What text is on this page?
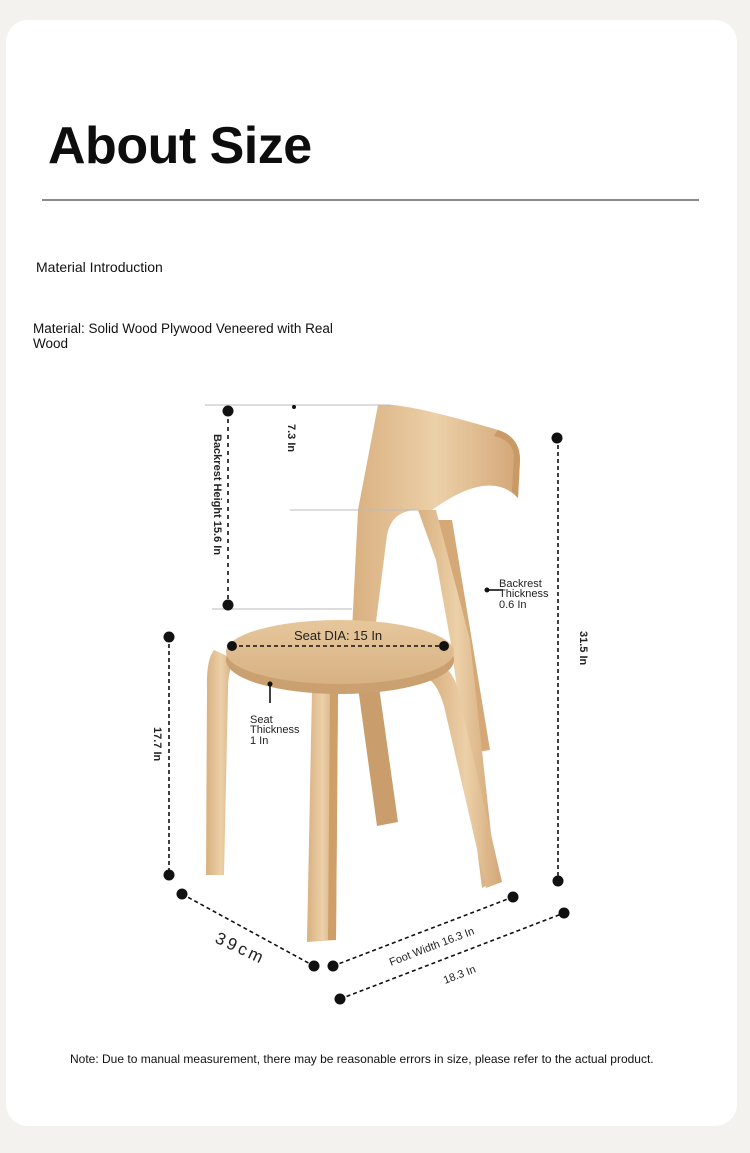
About Size
Material Introduction
Material: Solid Wood Plywood Veneered with Real Wood
7.3 In
Backrest Height 15.6 In
Backrest
Thickness
0.6 In
31.5 In
Seat DIA: 15 In
Seat
Thickness
1 In
17.7 In
39cm	Foot Width 16.3 In
18.3 In
Note: Due to manual measurement, there may be reasonable errors in size, please refer to the actual product.
